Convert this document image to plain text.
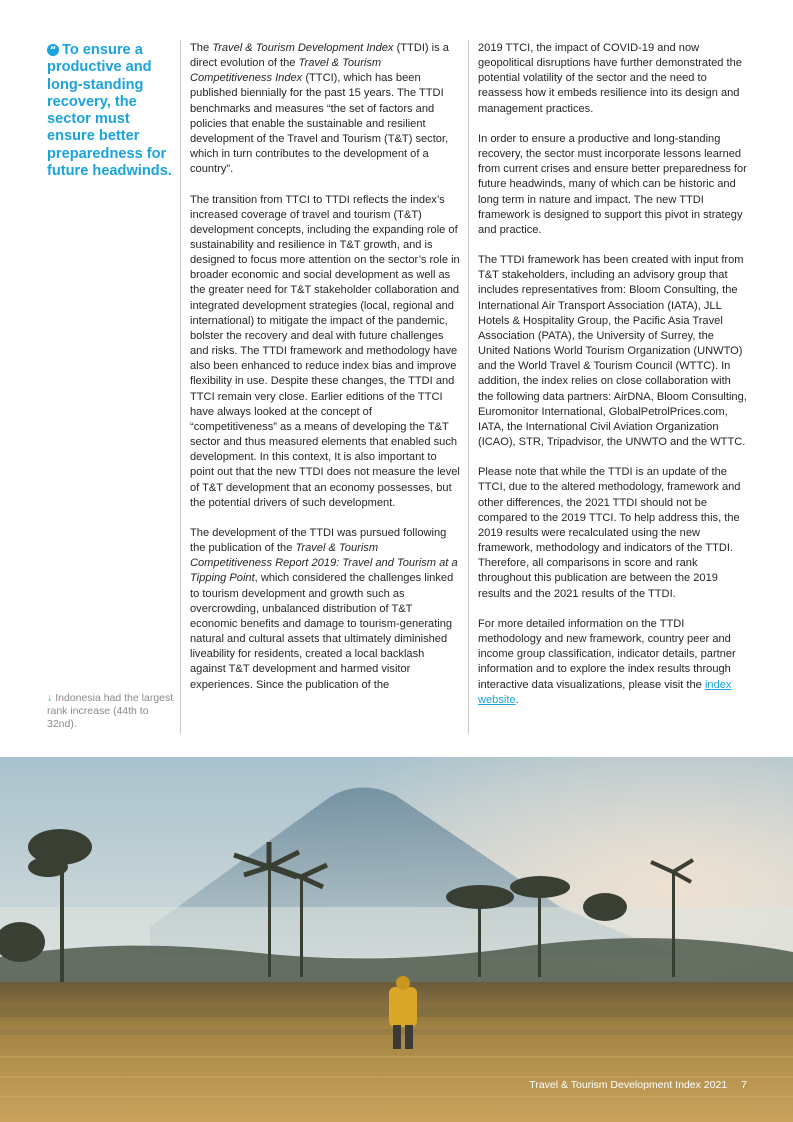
“ To ensure a productive and long-standing recovery, the sector must ensure better preparedness for future headwinds.

The Travel & Tourism Development Index (TTDI) is a direct evolution of the Travel & Tourism Competitiveness Index (TTCI), which has been published biennially for the past 15 years. The TTDI benchmarks and measures “the set of factors and policies that enable the sustainable and resilient development of the Travel and Tourism (T&T) sector, which in turn contributes to the development of a country”.

The transition from TTCI to TTDI reflects the index’s increased coverage of travel and tourism (T&T) development concepts, including the expanding role of sustainability and resilience in T&T growth, and is designed to focus more attention on the sector’s role in broader economic and social development as well as the greater need for T&T stakeholder collaboration and integrated development strategies (local, regional and international) to mitigate the impact of the pandemic, bolster the recovery and deal with future challenges and risks. The TTDI framework and methodology have also been enhanced to reduce index bias and improve flexibility in use. Despite these changes, the TTDI and TTCI remain very close. Earlier editions of the TTCI have always looked at the concept of “competitiveness” as a means of developing the T&T sector and thus measured elements that enabled such development. In this context, It is also important to point out that the new TTDI does not measure the level of T&T development that an economy possesses, but the potential drivers of such development.

The development of the TTDI was pursued following the publication of the Travel & Tourism Competitiveness Report 2019: Travel and Tourism at a Tipping Point, which considered the challenges linked to tourism development and growth such as overcrowding, unbalanced distribution of T&T economic benefits and damage to tourism-generating natural and cultural assets that ultimately diminished liveability for residents, created a local backlash against T&T development and harmed visitor experiences. Since the publication of the

2019 TTCI, the impact of COVID-19 and now geopolitical disruptions have further demonstrated the potential volatility of the sector and the need to reassess how it embeds resilience into its design and management practices.

In order to ensure a productive and long-standing recovery, the sector must incorporate lessons learned from current crises and ensure better preparedness for future headwinds, many of which can be historic and long term in nature and impact. The new TTDI framework is designed to support this pivot in strategy and practice.

The TTDI framework has been created with input from T&T stakeholders, including an advisory group that includes representatives from: Bloom Consulting, the International Air Transport Association (IATA), JLL Hotels & Hospitality Group, the Pacific Asia Travel Association (PATA), the University of Surrey, the United Nations World Tourism Organization (UNWTO) and the World Travel & Tourism Council (WTTC). In addition, the index relies on close collaboration with the following data partners: AirDNA, Bloom Consulting, Euromonitor International, GlobalPetrolPrices.com, IATA, the International Civil Aviation Organization (ICAO), STR, Tripadvisor, the UNWTO and the WTTC.

Please note that while the TTDI is an update of the TTCI, due to the altered methodology, framework and other differences, the 2021 TTDI should not be compared to the 2019 TTCI. To help address this, the 2019 results were recalculated using the new framework, methodology and indicators of the TTDI. Therefore, all comparisons in score and rank throughout this publication are between the 2019 results and the 2021 results of the TTDI.

For more detailed information on the TTDI methodology and new framework, country peer and income group classification, indicator details, partner information and to explore the index results through interactive data visualizations, please visit the index website.

↓ Indonesia had the largest rank increase (44th to 32nd).
Travel & Tourism Development Index 2021 7
